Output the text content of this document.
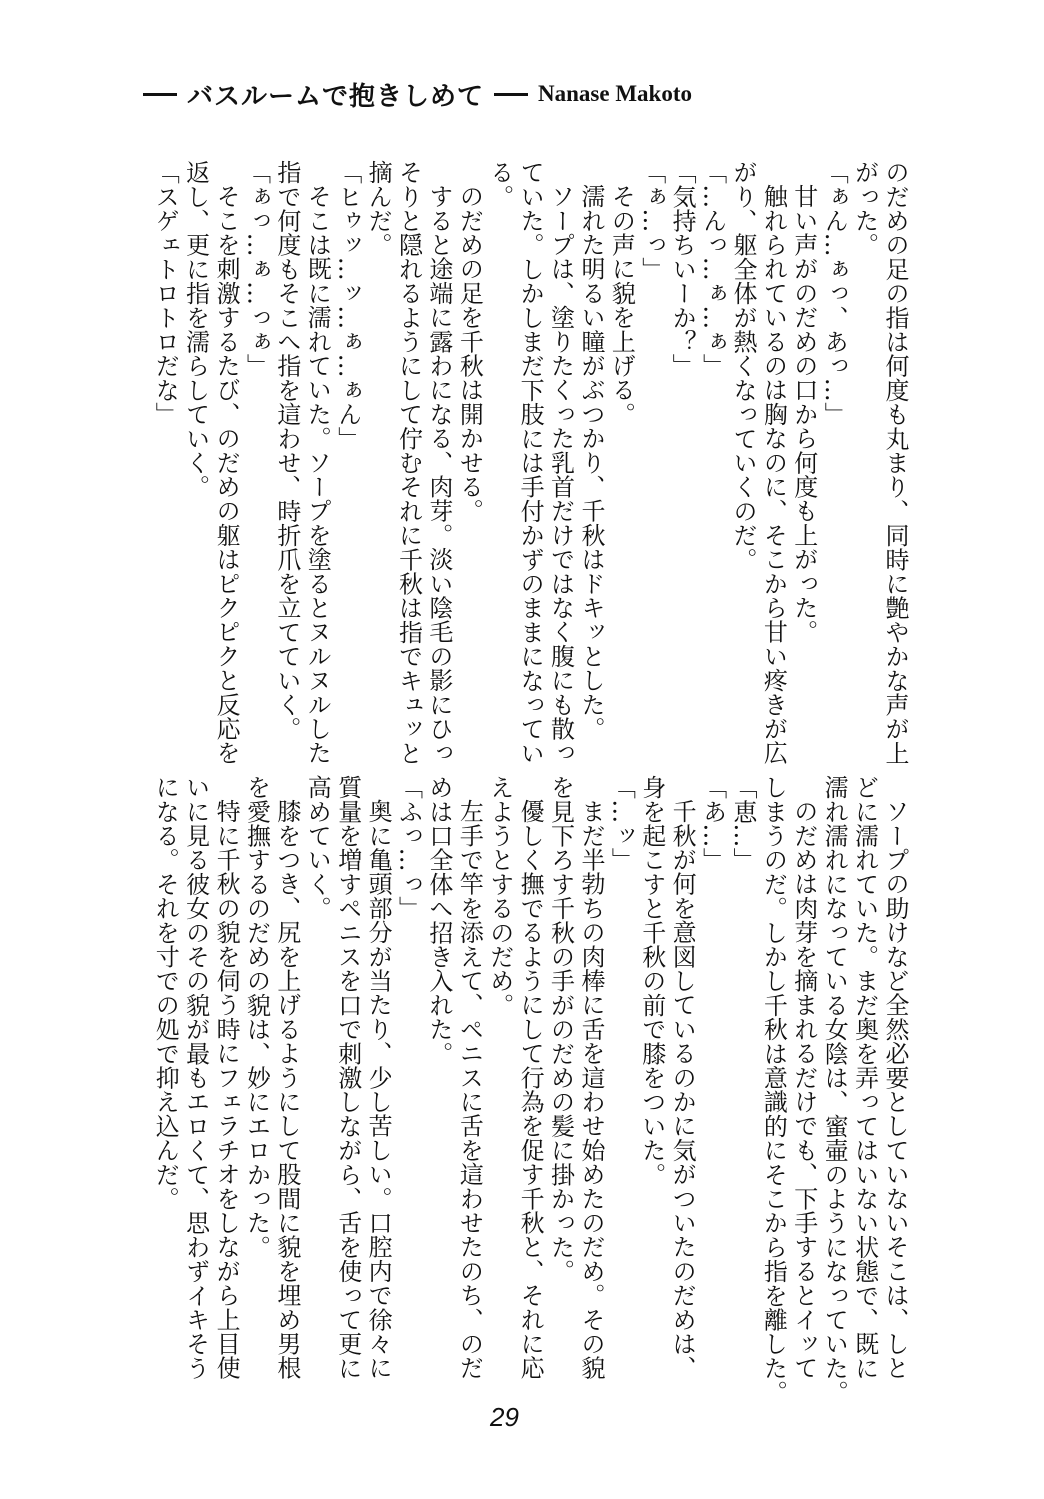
バスルームで抱きしめて Nanase Makoto
のだめの足の指は何度も丸まり、同時に艶やかな声が上
がった。
「ぁん…ぁっ、あっ…」
甘い声がのだめの口から何度も上がった。
触れられているのは胸なのに、そこから甘い疼きが広
がり、躯全体が熱くなっていくのだ。
「…んっ…ぁ…ぁ」
「気持ちいーか？」
「ぁ…っ」
その声に貌を上げる。
濡れた明るい瞳がぶつかり、千秋はドキッとした。
ソープは、塗りたくった乳首だけではなく腹にも散っ
ていた。しかしまだ下肢には手付かずのままになってい
る。
のだめの足を千秋は開かせる。
すると途端に露わになる、肉芽。淡い陰毛の影にひっ
そりと隠れるようにして佇むそれに千秋は指でキュッと
摘んだ。
「ヒゥッ…ッ…ぁ…ぁん」
そこは既に濡れていた。ソープを塗るとヌルヌルした
指で何度もそこへ指を這わせ、時折爪を立てていく。
「ぁっ…ぁ…っぁ」
そこを刺激するたび、のだめの躯はピクピクと反応を
返し、更に指を濡らしていく。
「スゲェトロトロだな」
ソープの助けなど全然必要としていないそこは、しと
どに濡れていた。まだ奥を弄ってはいない状態で、既に
濡れ濡れになっている女陰は、蜜壷のようになっていた。
のだめは肉芽を摘まれるだけでも、下手するとイッて
しまうのだ。しかし千秋は意識的にそこから指を離した。
「恵…」
「あ…」
千秋が何を意図しているのかに気がついたのだめは、
身を起こすと千秋の前で膝をついた。
「…ッ」
まだ半勃ちの肉棒に舌を這わせ始めたのだめ。その貌
を見下ろす千秋の手がのだめの髪に掛かった。
優しく撫でるようにして行為を促す千秋と、それに応
えようとするのだめ。
左手で竿を添えて、ペニスに舌を這わせたのち、のだ
めは口全体へ招き入れた。
「ふっ…っ」
奥に亀頭部分が当たり、少し苦しい。口腔内で徐々に
質量を増すペニスを口で刺激しながら、舌を使って更に
高めていく。
膝をつき、尻を上げるようにして股間に貌を埋め男根
を愛撫するのだめの貌は、妙にエロかった。
特に千秋の貌を伺う時にフェラチオをしながら上目使
いに見る彼女のその貌が最もエロくて、思わずイキそう
になる。それを寸での処で抑え込んだ。
29
